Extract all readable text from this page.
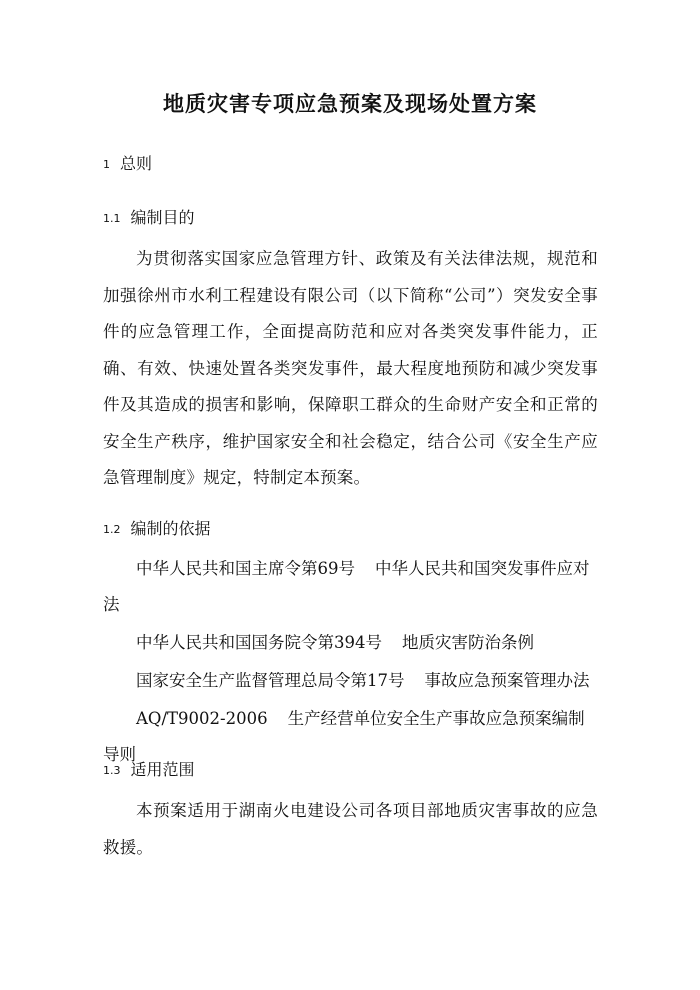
地质灾害专项应急预案及现场处置方案
1 总则
1.1 编制目的

为贯彻落实国家应急管理方针、政策及有关法律法规，规范和加强徐州市水利工程建设有限公司（以下简称“公司”）突发安全事件的应急管理工作，全面提高防范和应对各类突发事件能力，正确、有效、快速处置各类突发事件，最大程度地预防和减少突发事件及其造成的损害和影响，保障职工群众的生命财产安全和正常的安全生产秩序，维护国家安全和社会稳定，结合公司《安全生产应急管理制度》规定，特制定本预案。

1.2 编制的依据
中华人民共和国主席令第69号 中华人民共和国突发事件应对法
中华人民共和国国务院令第394号 地质灾害防治条例
国家安全生产监督管理总局令第17号 事故应急预案管理办法
AQ/T9002-2006 生产经营单位安全生产事故应急预案编制导则
1.3 适用范围

本预案适用于湖南火电建设公司各项目部地质灾害事故的应急救援。
